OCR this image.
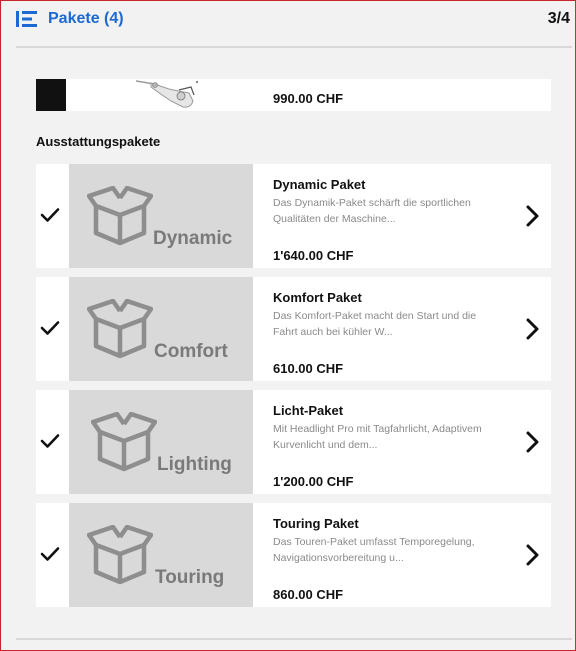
Pakete (4)	3/4
990.00 CHF
Ausstattungspakete
Dynamic
Dynamic Paket
Das Dynamik-Paket schärft die sportlichen Qualitäten der Maschine...
1'640.00 CHF
Comfort
Komfort Paket
Das Komfort-Paket macht den Start und die Fahrt auch bei kühler W...
610.00 CHF
Lighting
Licht-Paket
Mit Headlight Pro mit Tagfahrlicht, Adaptivem Kurvenlicht und dem...
1'200.00 CHF
Touring
Touring Paket
Das Touren-Paket umfasst Temporegelung, Navigationsvorbereitung u...
860.00 CHF
